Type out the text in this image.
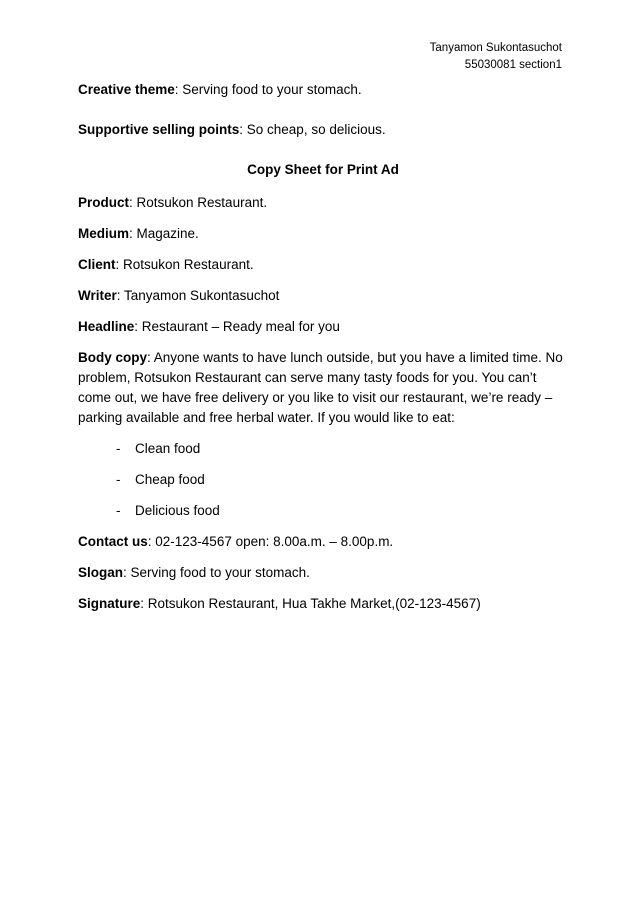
Tanyamon Sukontasuchot
55030081 section1

Creative theme: Serving food to your stomach.

Supportive selling points: So cheap, so delicious.

Copy Sheet for Print Ad

Product: Rotsukon Restaurant.

Medium: Magazine.

Client: Rotsukon Restaurant.

Writer: Tanyamon Sukontasuchot

Headline: Restaurant – Ready meal for you

Body copy: Anyone wants to have lunch outside, but you have a limited time. No problem, Rotsukon Restaurant can serve many tasty foods for you. You can’t come out, we have free delivery or you like to visit our restaurant, we’re ready – parking available and free herbal water. If you would like to eat:

- Clean food
- Cheap food
- Delicious food

Contact us: 02-123-4567 open: 8.00a.m. – 8.00p.m.

Slogan: Serving food to your stomach.

Signature: Rotsukon Restaurant, Hua Takhe Market,(02-123-4567)
